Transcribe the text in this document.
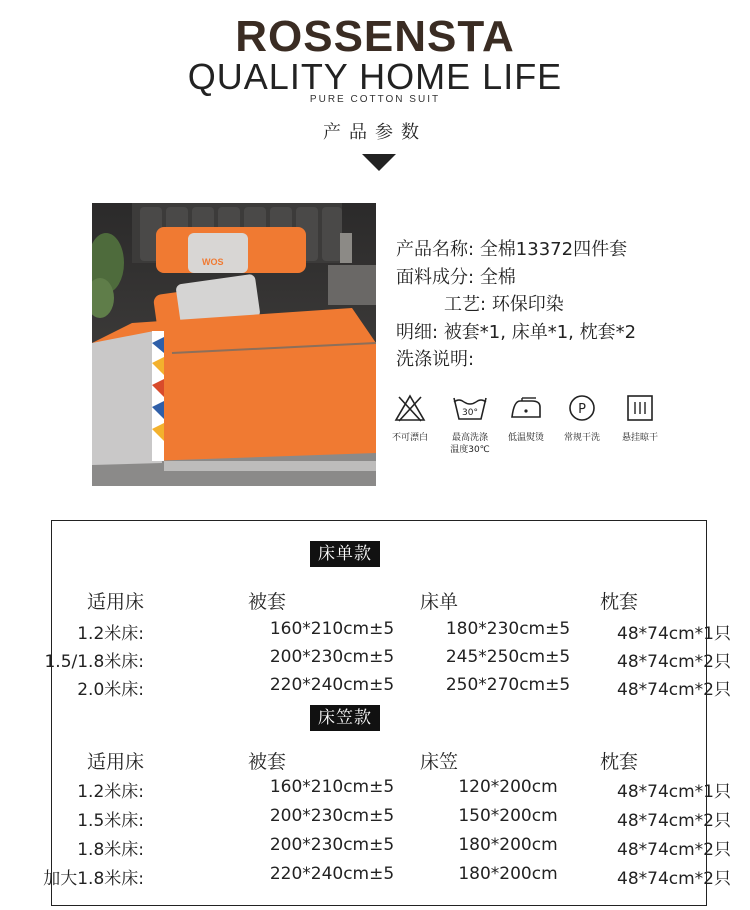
ROSSENSTA
QUALITY HOME LIFE
PURE COTTON SUIT
产品参数
WOS
产品名称: 全棉13372四件套
面料成分: 全棉
工艺: 环保印染
明细: 被套*1, 床单*1, 枕套*2
洗涤说明:
不可漂白
30°
最高洗涤
温度30℃
低温熨烫
P
常规干洗	悬挂晾干
床单款
适用床	被套	床单	枕套
1.2米床:	160*210cm±5	180*230cm±5	48*74cm*1只
1.5/1.8米床:	200*230cm±5	245*250cm±5	48*74cm*2只
2.0米床:	220*240cm±5	250*270cm±5	48*74cm*2只
床笠款
适用床	被套	床笠	枕套
1.2米床:	160*210cm±5	120*200cm	48*74cm*1只
1.5米床:	200*230cm±5	150*200cm	48*74cm*2只
1.8米床:	200*230cm±5	180*200cm	48*74cm*2只
加大1.8米床:	220*240cm±5	180*200cm	48*74cm*2只
